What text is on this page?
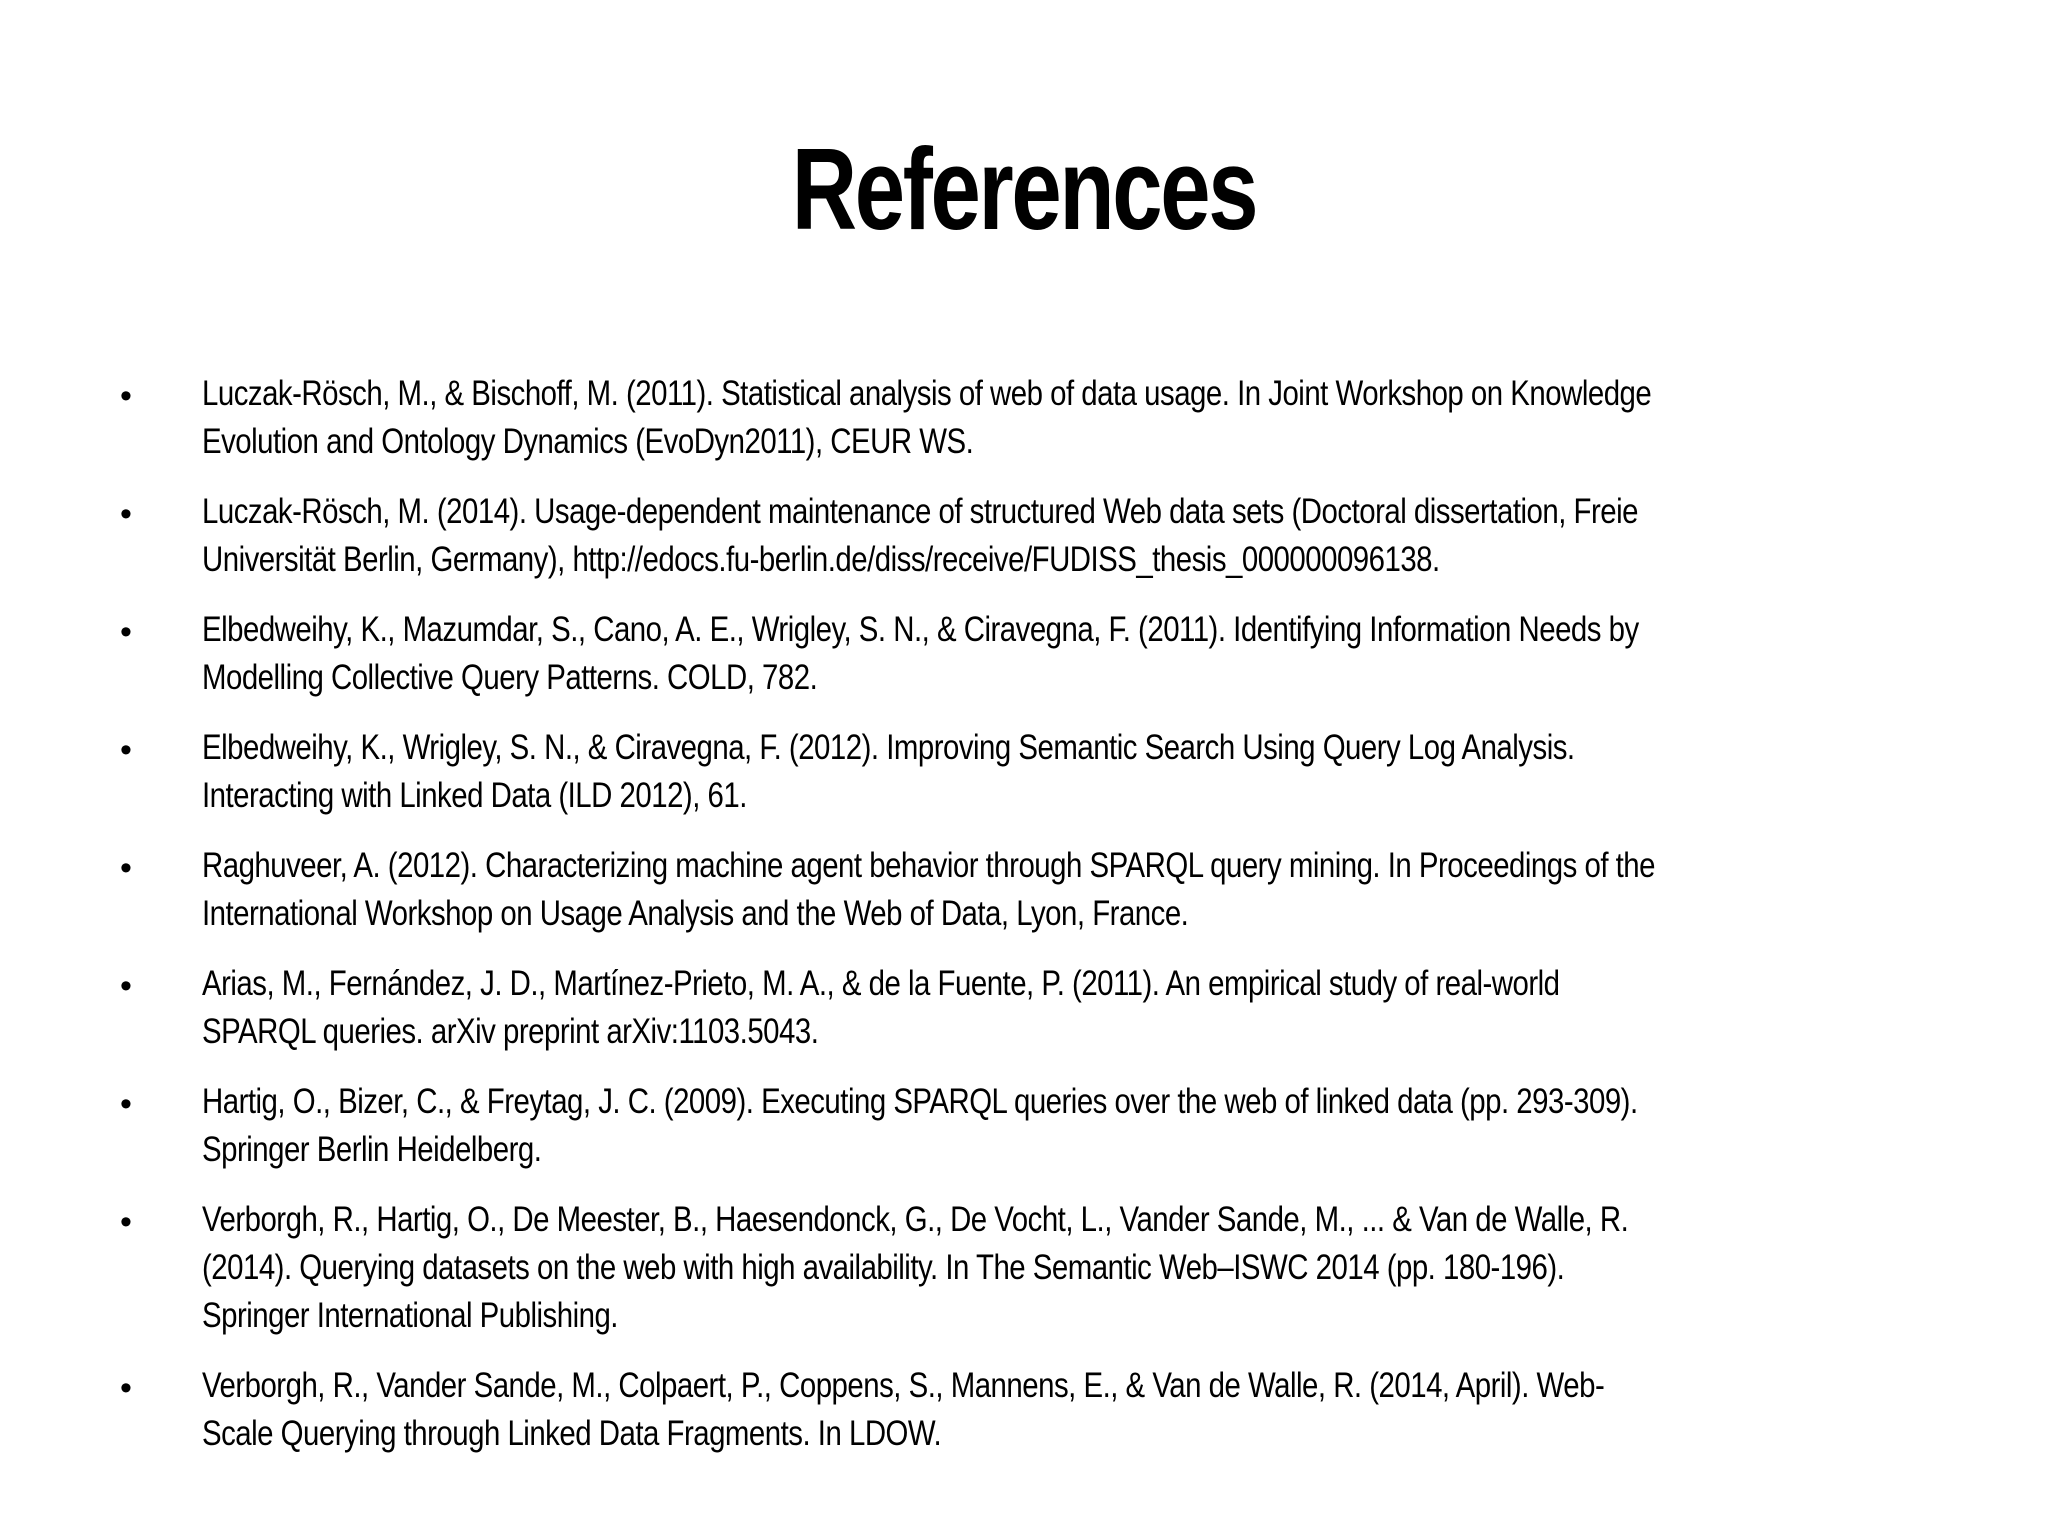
References
•	Luczak-Rösch, M., & Bischoff, M. (2011). Statistical analysis of web of data usage. In Joint Workshop on Knowledge Evolution and Ontology Dynamics (EvoDyn2011), CEUR WS.
•	Luczak-Rösch, M. (2014). Usage-dependent maintenance of structured Web data sets (Doctoral dissertation, Freie Universität Berlin, Germany), http://edocs.fu-berlin.de/diss/receive/FUDISS_thesis_000000096138.
•	Elbedweihy, K., Mazumdar, S., Cano, A. E., Wrigley, S. N., & Ciravegna, F. (2011). Identifying Information Needs by Modelling Collective Query Patterns. COLD, 782.
•	Elbedweihy, K., Wrigley, S. N., & Ciravegna, F. (2012). Improving Semantic Search Using Query Log Analysis. Interacting with Linked Data (ILD 2012), 61.
•	Raghuveer, A. (2012). Characterizing machine agent behavior through SPARQL query mining. In Proceedings of the International Workshop on Usage Analysis and the Web of Data, Lyon, France.
•	Arias, M., Fernández, J. D., Martínez-Prieto, M. A., & de la Fuente, P. (2011). An empirical study of real-world SPARQL queries. arXiv preprint arXiv:1103.5043.
•	Hartig, O., Bizer, C., & Freytag, J. C. (2009). Executing SPARQL queries over the web of linked data (pp. 293-309). Springer Berlin Heidelberg.
•	Verborgh, R., Hartig, O., De Meester, B., Haesendonck, G., De Vocht, L., Vander Sande, M., ... & Van de Walle, R. (2014). Querying datasets on the web with high availability. In The Semantic Web–ISWC 2014 (pp. 180-196). Springer International Publishing.
•	Verborgh, R., Vander Sande, M., Colpaert, P., Coppens, S., Mannens, E., & Van de Walle, R. (2014, April). Web-Scale Querying through Linked Data Fragments. In LDOW.
